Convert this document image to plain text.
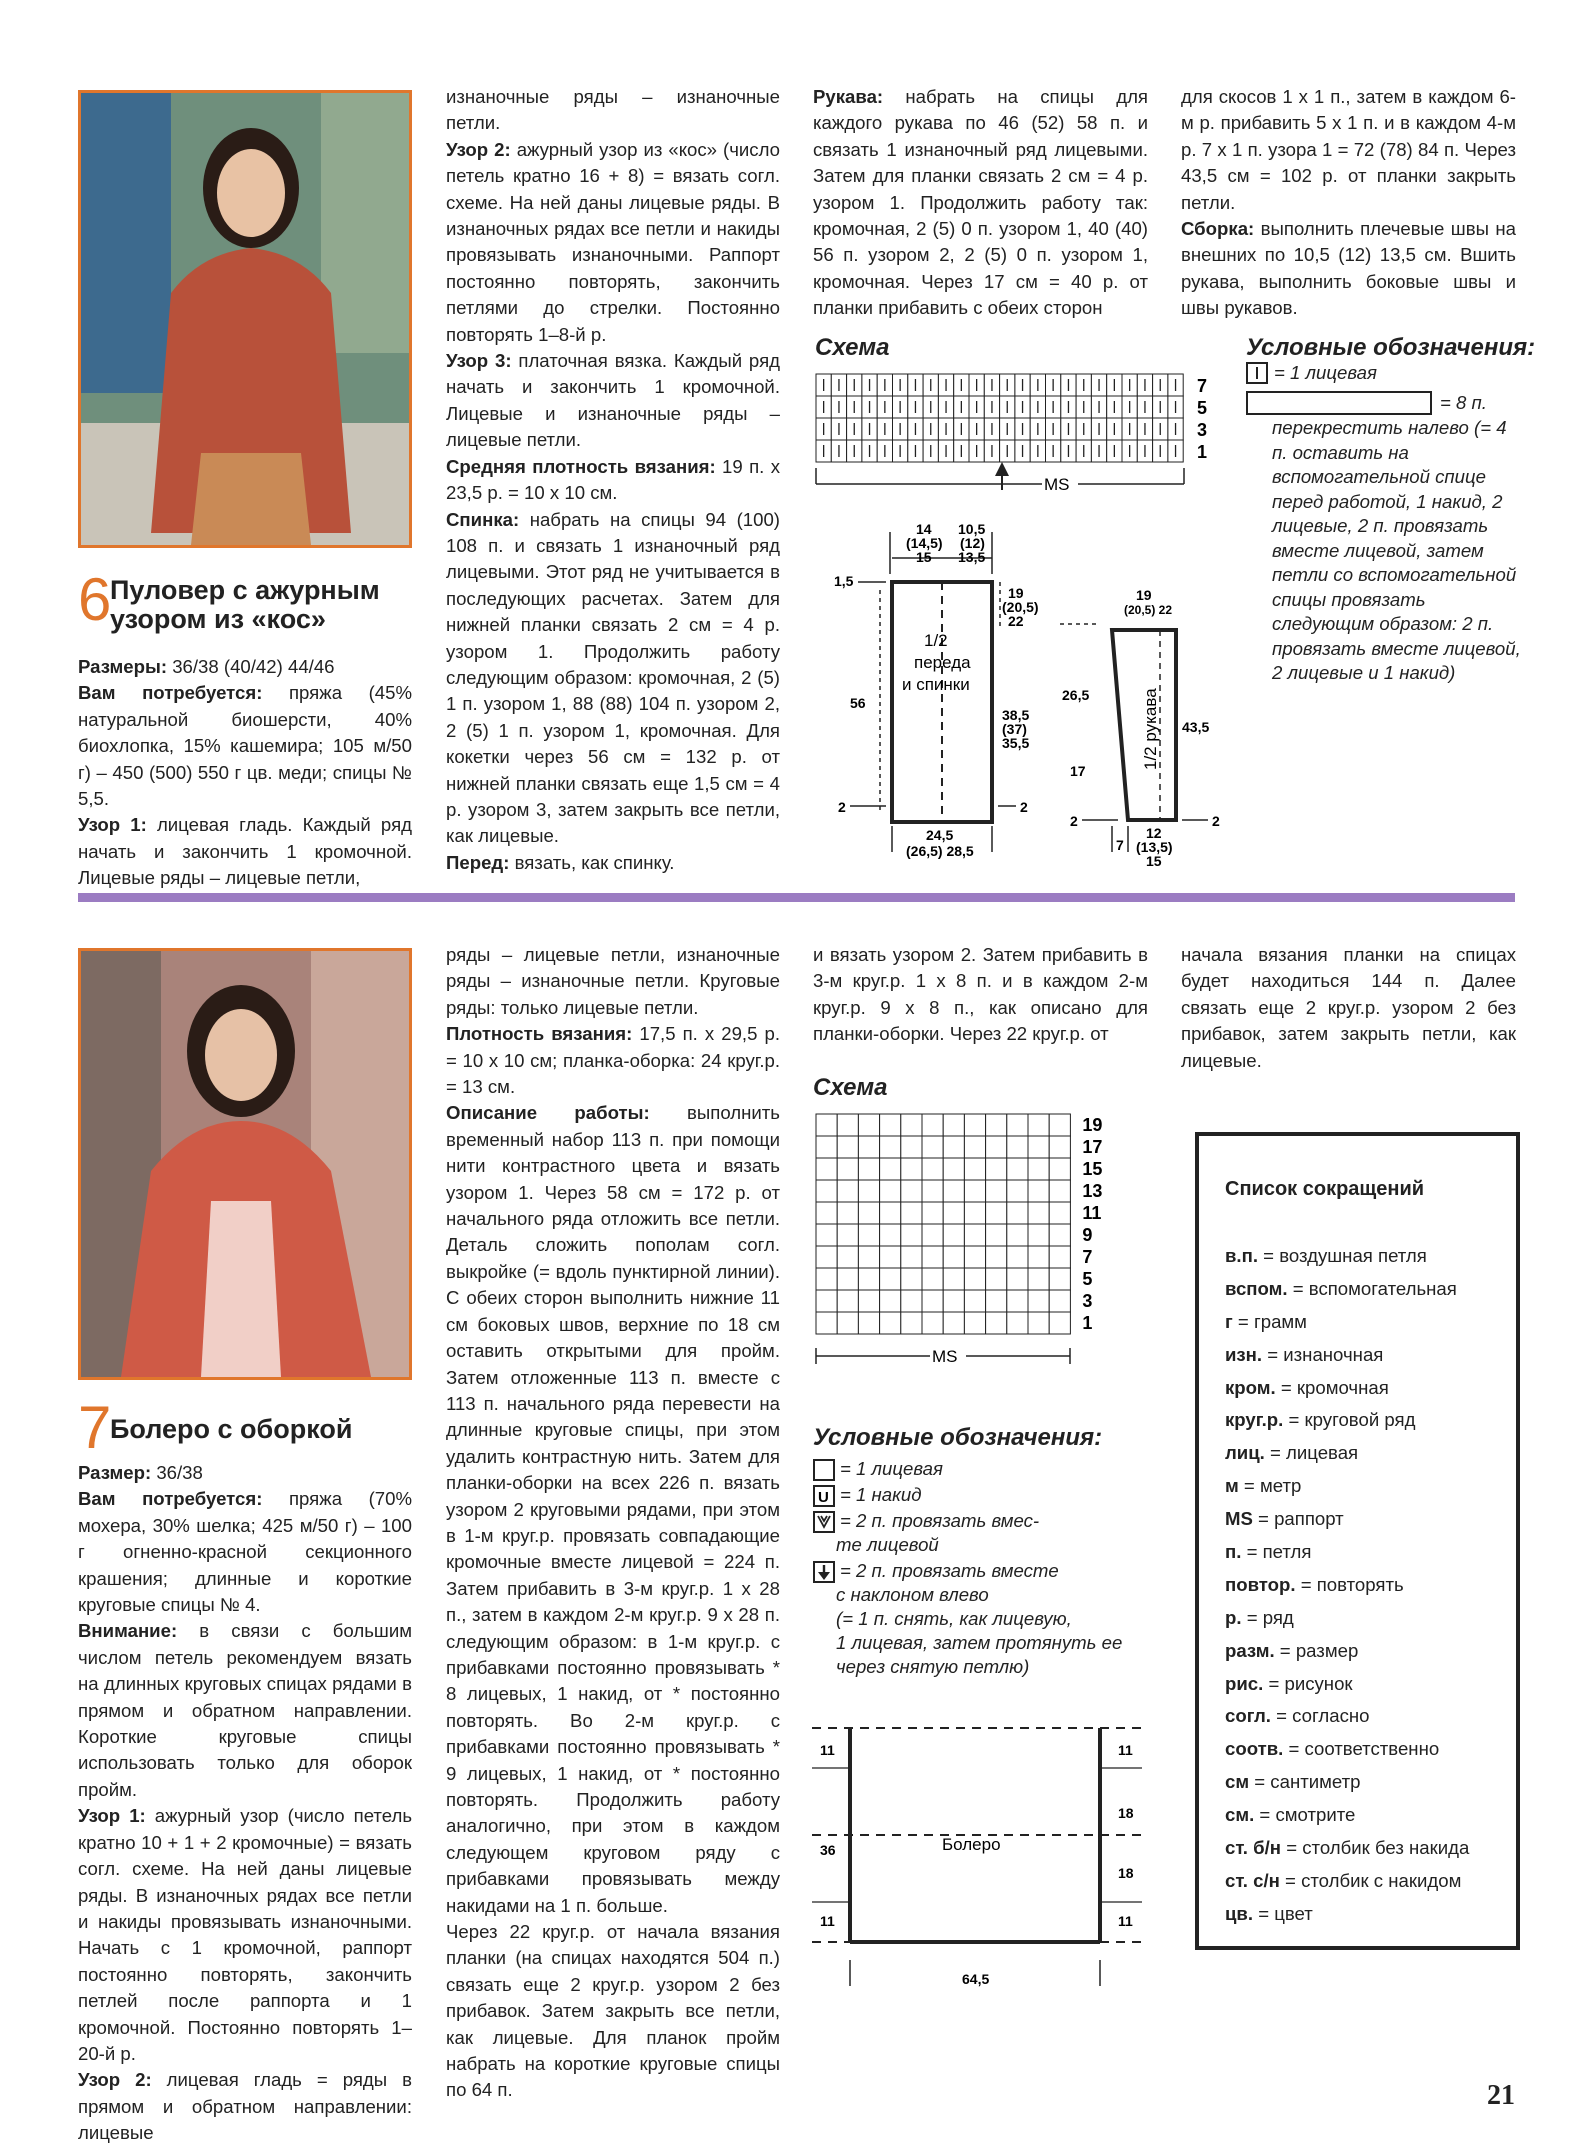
6
Пуловер с ажурным
узором из «кос»

Размеры: 36/38 (40/42) 44/46

Вам потребуется: пряжа (45% натуральной биошерсти, 40% биохлопка, 15% кашемира; 105 м/50 г) – 450 (500) 550 г цв. меди; спицы № 5,5.

Узор 1: лицевая гладь. Каждый ряд начать и закончить 1 кромочной. Лицевые ряды – лицевые петли,

изнаночные ряды – изнаночные петли.

Узор 2: ажурный узор из «кос» (число петель кратно 16 + 8) = вязать согл. схеме. На ней даны лицевые ряды. В изнаночных рядах все петли и накиды провязывать изнаночными. Раппорт постоянно повторять, закончить петлями до стрелки. Постоянно повторять 1–8-й р.

Узор 3: платочная вязка. Каждый ряд начать и закончить 1 кромочной. Лицевые и изнаночные ряды – лицевые петли.

Средняя плотность вязания: 19 п. х 23,5 р. = 10 х 10 см.

Спинка: набрать на спицы 94 (100) 108 п. и связать 1 изнаночный ряд лицевыми. Этот ряд не учитывается в последующих расчетах. Затем для нижней планки связать 2 см = 4 р. узором 1. Продолжить работу следующим образом: кромочная, 2 (5) 1 п. узором 1, 88 (88) 104 п. узором 2, 2 (5) 1 п. узором 1, кромочная. Для кокетки через 56 см = 132 р. от нижней планки связать еще 1,5 см = 4 р. узором 3, затем закрыть все петли, как лицевые.

Перед: вязать, как спинку.

Рукава: набрать на спицы для каждого рукава по 46 (52) 58 п. и связать 1 изнаночный ряд лицевыми. Затем для планки связать 2 см = 4 р. узором 1. Продолжить работу так: кромочная, 2 (5) 0 п. узором 1, 40 (40) 56 п. узором 2, 2 (5) 0 п. узором 1, кромочная. Через 17 см = 40 р. от планки прибавить с обеих сторон

для скосов 1 х 1 п., затем в каждом 6-м р. прибавить 5 х 1 п. и в каждом 4-м р. 7 х 1 п. узора 1 = 72 (78) 84 п. Через 43,5 см = 102 р. от планки закрыть петли.

Сборка: выполнить плечевые швы на внешних по 10,5 (12) 13,5 см. Вшить рукава, выполнить боковые швы и швы рукавов.

Схема
7
5
3
1
MS
Условные обозначения:
= 1 лицевая
= 8 п.
перекрестить налево (= 4 п. оставить на вспомогательной спице перед работой, 1 накид, 2 лицевые, 2 п. провязать вместе лицевой, затем петли со вспомогательной спицы провязать следующим образом: 2 п. провязать вместе лицевой, 2 лицевые и 1 накид)
14 10,5
(14,5) (12)
15 13,5
1,5
19
(20,5)
22
1/2
переда
и спинки
56
38,5
(37)
35,5
2	2
24,5
(26,5) 28,5
19
(20,5) 22
26,5
43,5
17
1/2 рукава
2	2
7
12
(13,5)
15
7
Болеро с оборкой

Размер: 36/38

Вам потребуется: пряжа (70% мохера, 30% шелка; 425 м/50 г) – 100 г огненно-красной секционного крашения; длинные и короткие круговые спицы № 4.

Внимание: в связи с большим числом петель рекомендуем вязать на длинных круговых спицах рядами в прямом и обратном направлении. Короткие круговые спицы использовать только для оборок пройм.

Узор 1: ажурный узор (число петель кратно 10 + 1 + 2 кромочные) = вязать согл. схеме. На ней даны лицевые ряды. В изнаночных рядах все петли и накиды провязывать изнаночными. Начать с 1 кромочной, раппорт постоянно повторять, закончить петлей после раппорта и 1 кромочной. Постоянно повторять 1–20-й р.

Узор 2: лицевая гладь = ряды в прямом и обратном направлении: лицевые

ряды – лицевые петли, изнаночные ряды – изнаночные петли. Круговые ряды: только лицевые петли.

Плотность вязания: 17,5 п. х 29,5 р. = 10 х 10 см; планка-оборка: 24 круг.р. = 13 см.

Описание работы: выполнить временный набор 113 п. при помощи нити контрастного цвета и вязать узором 1. Через 58 см = 172 р. от начального ряда отложить все петли. Деталь сложить пополам согл. выкройке (= вдоль пунктирной линии). С обеих сторон выполнить нижние 11 см боковых швов, верхние по 18 см оставить открытыми для пройм. Затем отложенные 113 п. вместе с 113 п. начального ряда перевести на длинные круговые спицы, при этом удалить контрастную нить. Затем для планки-оборки на всех 226 п. вязать узором 2 круговыми рядами, при этом в 1-м круг.р. провязать совпадающие кромочные вместе лицевой = 224 п. Затем прибавить в 3-м круг.р. 1 х 28 п., затем в каждом 2-м круг.р. 9 х 28 п. следующим образом: в 1-м круг.р. с прибавками постоянно провязывать * 8 лицевых, 1 накид, от * постоянно повторять. Во 2-м круг.р. с прибавками постоянно провязывать * 9 лицевых, 1 накид, от * постоянно повторять. Продолжить работу аналогично, при этом в каждом следующем круговом ряду с прибавками провязывать между накидами на 1 п. больше.

Через 22 круг.р. от начала вязания планки (на спицах находятся 504 п.) связать еще 2 круг.р. узором 2 без прибавок. Затем закрыть все петли, как лицевые. Для планок пройм набрать на короткие круговые спицы по 64 п.

и вязать узором 2. Затем прибавить в 3-м круг.р. 1 х 8 п. и в каждом 2-м круг.р. 9 х 8 п., как описано для планки-оборки. Через 22 круг.р. от

начала вязания планки на спицах будет находиться 144 п. Далее связать еще 2 круг.р. узором 2 без прибавок, затем закрыть петли, как лицевые.

Схема
MS
19
17
15
13
11
9
7
5
3
1
Условные обозначения:
= 1 лицевая
U = 1 накид
= 2 п. провязать вмес-
те лицевой
= 2 п. провязать вместе
с наклоном влево
(= 1 п. снять, как лицевую,
1 лицевая, затем протянуть ее
через снятую петлю)
11
36
11
11
18
18
11
Болеро
64,5
Список сокращений
в.п. = воздушная петля
вспом. = вспомогательная
г = грамм
изн. = изнаночная
кром. = кромочная
круг.р. = круговой ряд
лиц. = лицевая
м = метр
MS = раппорт
п. = петля
повтор. = повторять
р. = ряд
разм. = размер
рис. = рисунок
согл. = согласно
соотв. = соответственно
см = сантиметр
см. = смотрите
ст. б/н = столбик без накида
ст. с/н = столбик с накидом
цв. = цвет
21
